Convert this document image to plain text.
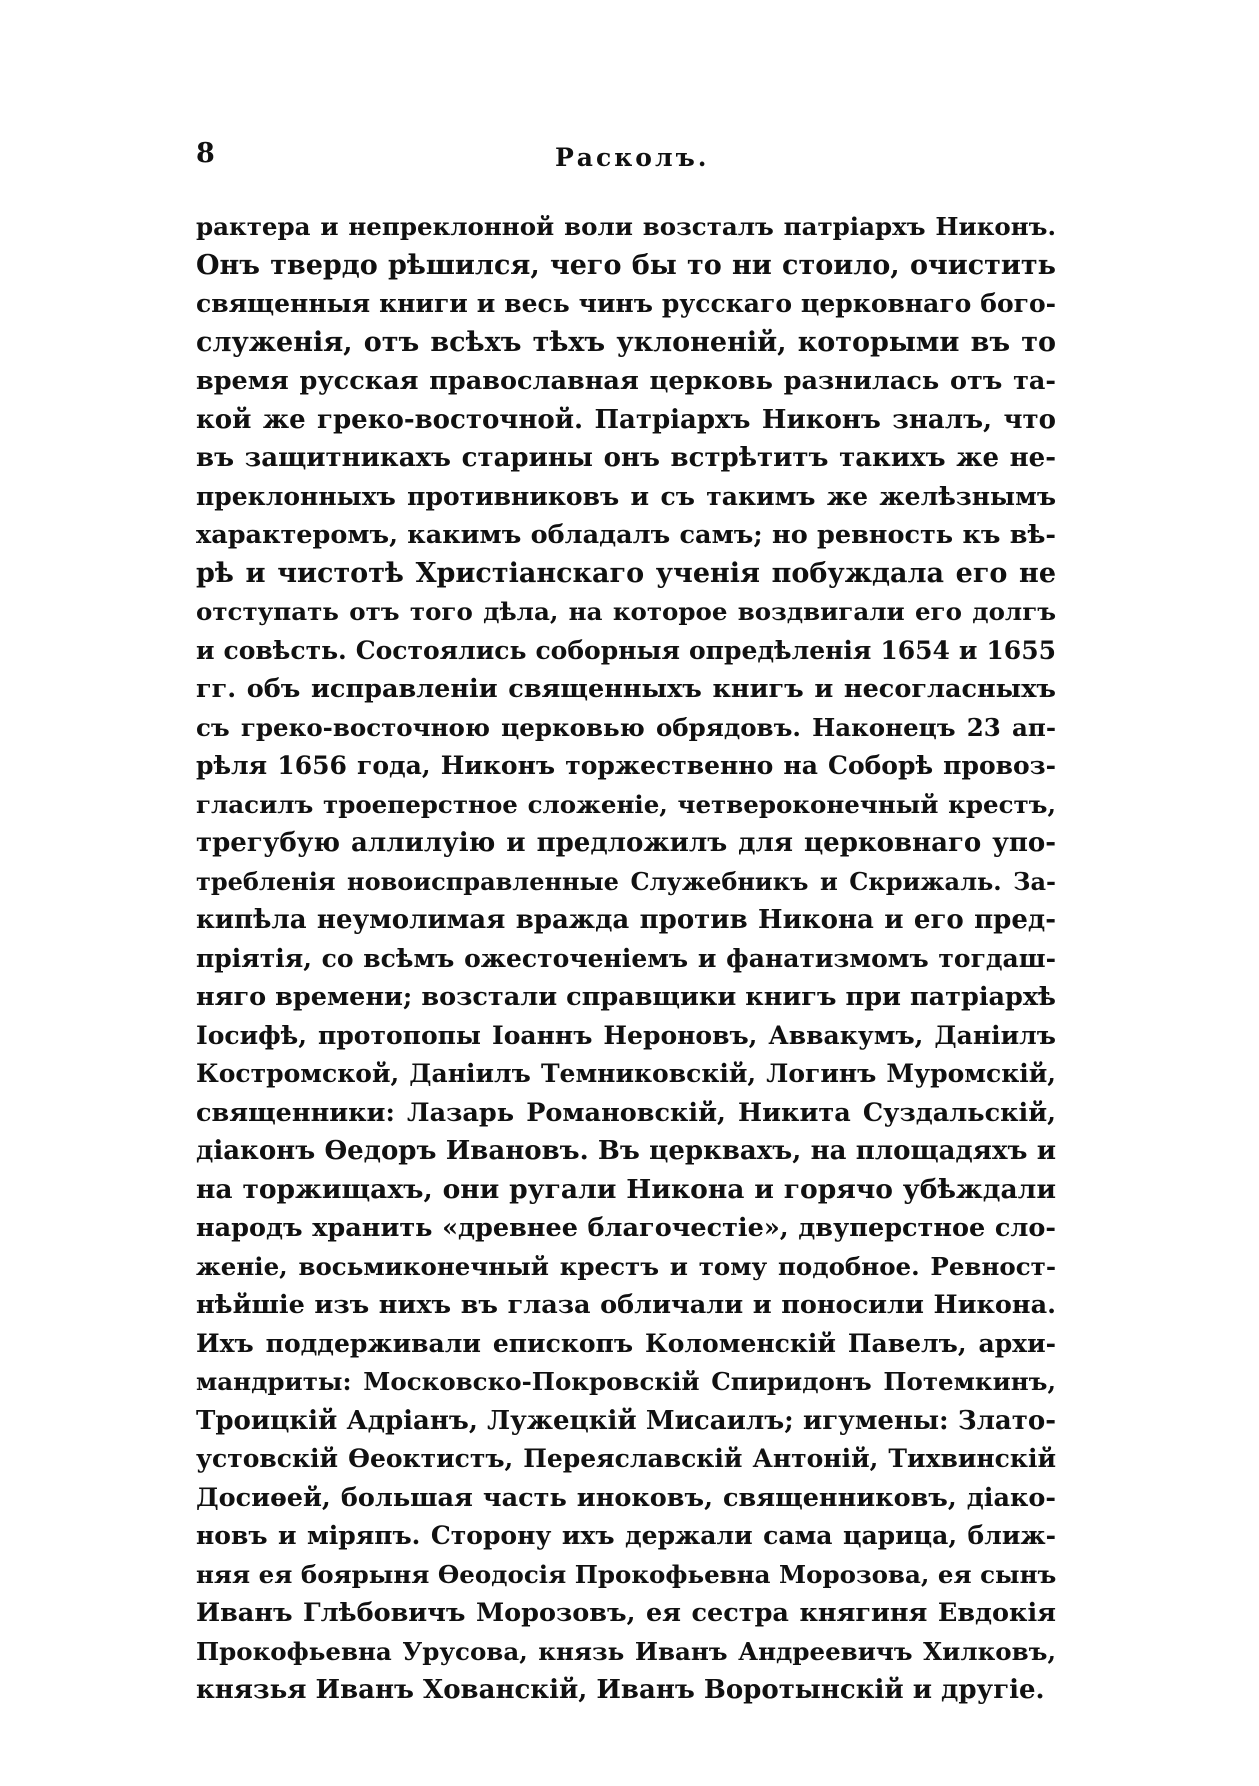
8	Расколъ.
рактера и непреклонной воли возсталъ патріархъ Никонъ.
Онъ твердо рѣшился, чего бы то ни стоило, очистить
священныя книги и весь чинъ русскаго церковнаго бого-
служенія, отъ всѣхъ тѣхъ уклоненій, которыми въ то
время русская православная церковь разнилась отъ та-
кой же греко-восточной. Патріархъ Никонъ зналъ, что
въ защитникахъ старины онъ встрѣтитъ такихъ же не-
преклонныхъ противниковъ и съ такимъ же желѣзнымъ
характеромъ, какимъ обладалъ самъ; но ревность къ вѣ-
рѣ и чистотѣ Христіанскаго ученія побуждала его не
отступать отъ того дѣла, на которое воздвигали его долгъ
и совѣсть. Состоялись соборныя опредѣленія 1654 и 1655
гг. объ исправленіи священныхъ книгъ и несогласныхъ
съ греко-восточною церковью обрядовъ. Наконецъ 23 ап-
рѣля 1656 года, Никонъ торжественно на Соборѣ провоз-
гласилъ троеперстное сложеніе, четвероконечный крестъ,
трегубую аллилуію и предложилъ для церковнаго упо-
требленія новоисправленные Служебникъ и Скрижаль. За-
кипѣла неумолимая вражда против Никона и его пред-
пріятія, со всѣмъ ожесточеніемъ и фанатизмомъ тогдаш-
няго времени; возстали справщики книгъ при патріархѣ
Іосифѣ, протопопы Іоаннъ Нероновъ, Аввакумъ, Даніилъ
Костромской, Даніилъ Темниковскій, Логинъ Муромскій,
священники: Лазарь Романовскій, Никита Суздальскій,
діаконъ Ѳедоръ Ивановъ. Въ церквахъ, на площадяхъ и
на торжищахъ, они ругали Никона и горячо убѣждали
народъ хранить «древнее благочестіе», двуперстное сло-
женіе, восьмиконечный крестъ и тому подобное. Ревност-
нѣйшіе изъ нихъ въ глаза обличали и поносили Никона.
Ихъ поддерживали епископъ Коломенскій Павелъ, архи-
мандриты: Московско-Покровскій Спиридонъ Потемкинъ,
Троицкій Адріанъ, Лужецкій Мисаилъ; игумены: Злато-
устовскій Ѳеоктистъ, Переяславскій Антоній, Тихвинскій
Досиѳей, большая часть иноковъ, священниковъ, діако-
новъ и міряпъ. Сторону ихъ держали сама царица, ближ-
няя ея боярыня Ѳеодосія Прокофьевна Морозова, ея сынъ
Иванъ Глѣбовичъ Морозовъ, ея сестра княгиня Евдокія
Прокофьевна Урусова, князь Иванъ Андреевичъ Хилковъ,
князья Иванъ Хованскій, Иванъ Воротынскій и другіе.
